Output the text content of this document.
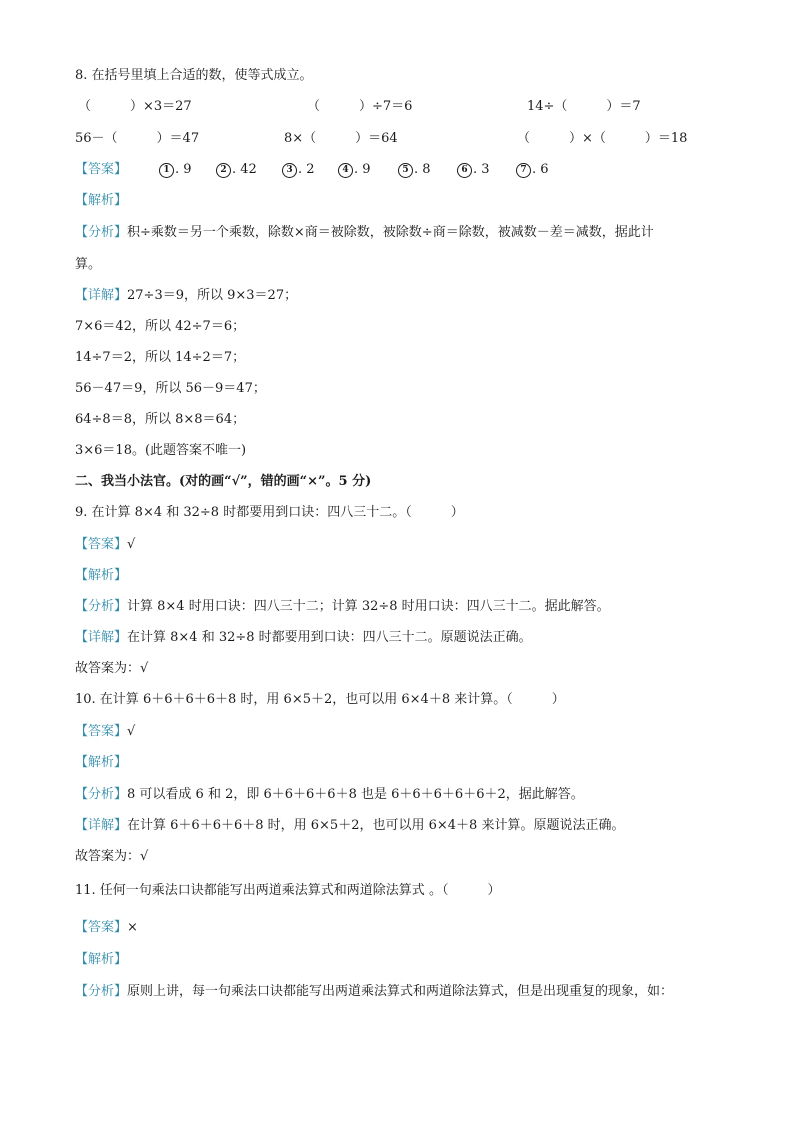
8. 在括号里填上合适的数，使等式成立。
（　　　）×3＝27	（　　　）÷7＝6	14÷（　　　）＝7
56－（　　　）＝47	8×（　　　）＝64	（　　　）×（　　　）＝18
【答案】	1 . 9	2 . 42	3 . 2	4 . 9	5 . 8	6 . 3	7 . 6
【解析】
【分析】积÷乘数＝另一个乘数，除数×商＝被除数，被除数÷商＝除数，被减数－差＝减数，据此计
算。
【详解】27÷3＝9，所以 9×3＝27；
7×6＝42，所以 42÷7＝6；
14÷7＝2，所以 14÷2＝7；
56－47＝9，所以 56－9＝47；
64÷8＝8，所以 8×8＝64；
3×6＝18。(此题答案不唯一)
二、我当小法官。(对的画“√”，错的画“×”。5 分)
9. 在计算 8×4 和 32÷8 时都要用到口诀：四八三十二。（　　　）
【答案】√
【解析】
【分析】计算 8×4 时用口诀：四八三十二；计算 32÷8 时用口诀：四八三十二。据此解答。
【详解】在计算 8×4 和 32÷8 时都要用到口诀：四八三十二。原题说法正确。
故答案为：√
10. 在计算 6＋6＋6＋6＋8 时，用 6×5＋2，也可以用 6×4＋8 来计算。（　　　）
【答案】√
【解析】
【分析】8 可以看成 6 和 2，即 6＋6＋6＋6＋8 也是 6＋6＋6＋6＋6＋2，据此解答。
【详解】在计算 6＋6＋6＋6＋8 时，用 6×5＋2，也可以用 6×4＋8 来计算。原题说法正确。
故答案为：√
11. 任何一句乘法口诀都能写出两道乘法算式和两道除法算式 。（　　　）
【答案】×
【解析】
【分析】原则上讲，每一句乘法口诀都能写出两道乘法算式和两道除法算式，但是出现重复的现象，如：
